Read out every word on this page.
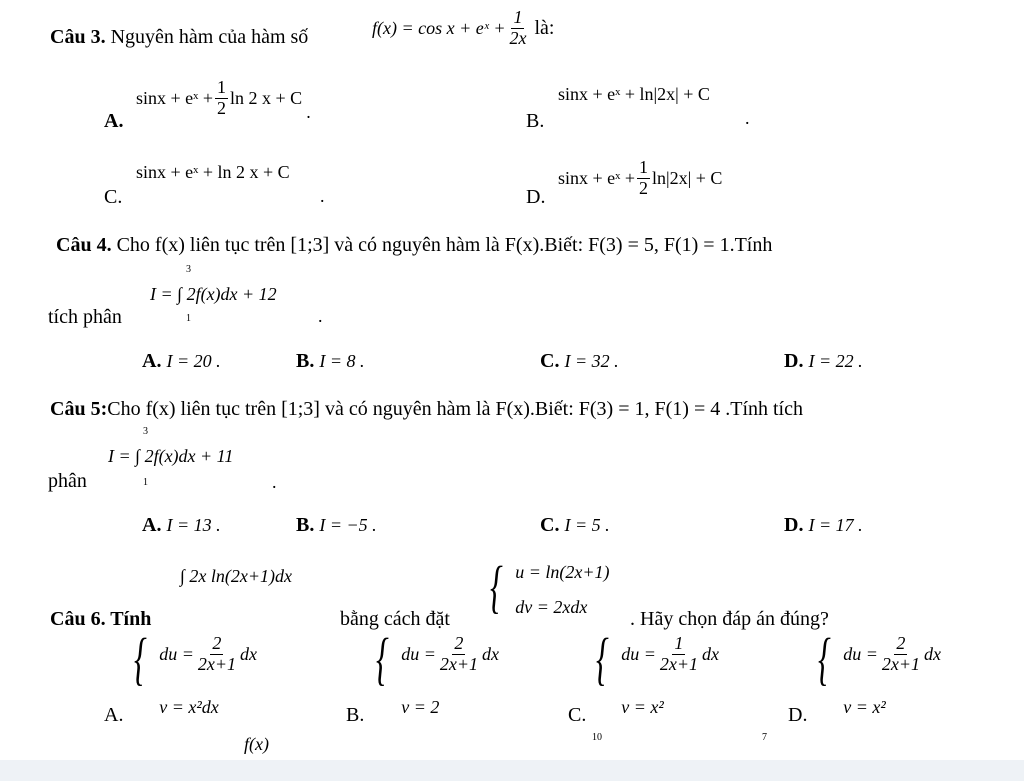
Câu 3. Nguyên hàm của hàm số	f(x) = cos x + eˣ + $\frac{1}{2x}$ là:
A.
sinx + eˣ + $\frac{1}{2}$ ln 2 x + C
.	B.
sinx + eˣ + ln|2x| + C
.
C.
sinx + eˣ + ln 2 x + C
.	D.
sinx + eˣ + $\frac{1}{2} \ln|2x| + C$
Câu 4. Cho f(x) liên tục trên [1;3] và có nguyên hàm là F(x).Biết: F(3) = 5, F(1) = 1.Tính
tích phân
I = ∫ 2f(x)dx + 12
3
1	.
A. I = 20 .	B. I = 8 .	C. I = 32 .	D. I = 22 .
Câu 5:Cho f(x) liên tục trên [1;3] và có nguyên hàm là F(x).Biết: F(3) = 1, F(1) = 4 .Tính tích
phân
I = ∫ 2f(x)dx + 11
3
1	.
A. I = 13 .	B. I = −5 .	C. I = 5 .	D. I = 17 .
∫ 2x ln(2x+1)dx
Câu 6. Tính	bằng cách đặt { u = ln(2x+1)
dv = 2xdx
. Hãy chọn đáp án đúng?
A.
{ du = $\frac{2}{2x+1}$ dx
v = x²dx	B.
{ du = $\frac{2}{2x+1}$ dx
v = 2	C.
{ du = $\frac{1}{2x+1}$ dx
v = x²	D.
{ du = $\frac{2}{2x+1}$ dx
v = x²
f(x)	10	7
